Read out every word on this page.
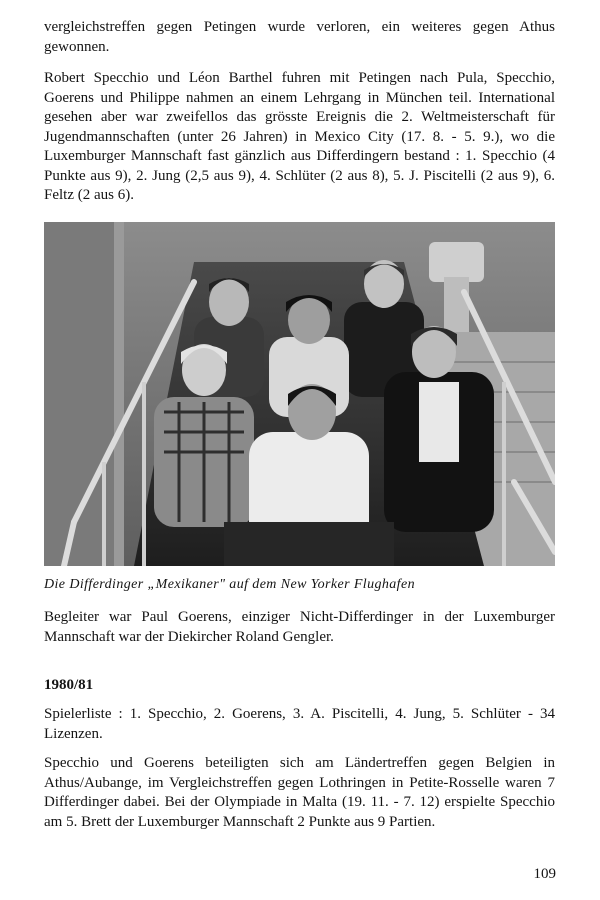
vergleichstreffen gegen Petingen wurde verloren, ein weiteres gegen Athus gewonnen.

Robert Specchio und Léon Barthel fuhren mit Petingen nach Pula, Specchio, Goerens und Philippe nahmen an einem Lehrgang in München teil. International gesehen aber war zweifellos das grösste Ereignis die 2. Weltmeisterschaft für Jugendmannschaften (unter 26 Jahren) in Mexico City (17. 8. - 5. 9.), wo die Luxemburger Mannschaft fast gänzlich aus Differdingern bestand : 1. Specchio (4 Punkte aus 9), 2. Jung (2,5 aus 9), 4. Schlüter (2 aus 8), 5. J. Piscitelli (2 aus 9), 6. Feltz (2 aus 6).

Die Differdinger „Mexikaner" auf dem New Yorker Flughafen

Begleiter war Paul Goerens, einziger Nicht-Differdinger in der Luxemburger Mannschaft war der Diekircher Roland Gengler.

1980/81

Spielerliste : 1. Specchio, 2. Goerens, 3. A. Piscitelli, 4. Jung, 5. Schlüter - 34 Lizenzen.

Specchio und Goerens beteiligten sich am Ländertreffen gegen Belgien in Athus/Aubange, im Vergleichstreffen gegen Lothringen in Petite-Rosselle waren 7 Differdinger dabei. Bei der Olympiade in Malta (19. 11. - 7. 12) erspielte Specchio am 5. Brett der Luxemburger Mannschaft 2 Punkte aus 9 Partien.

109
